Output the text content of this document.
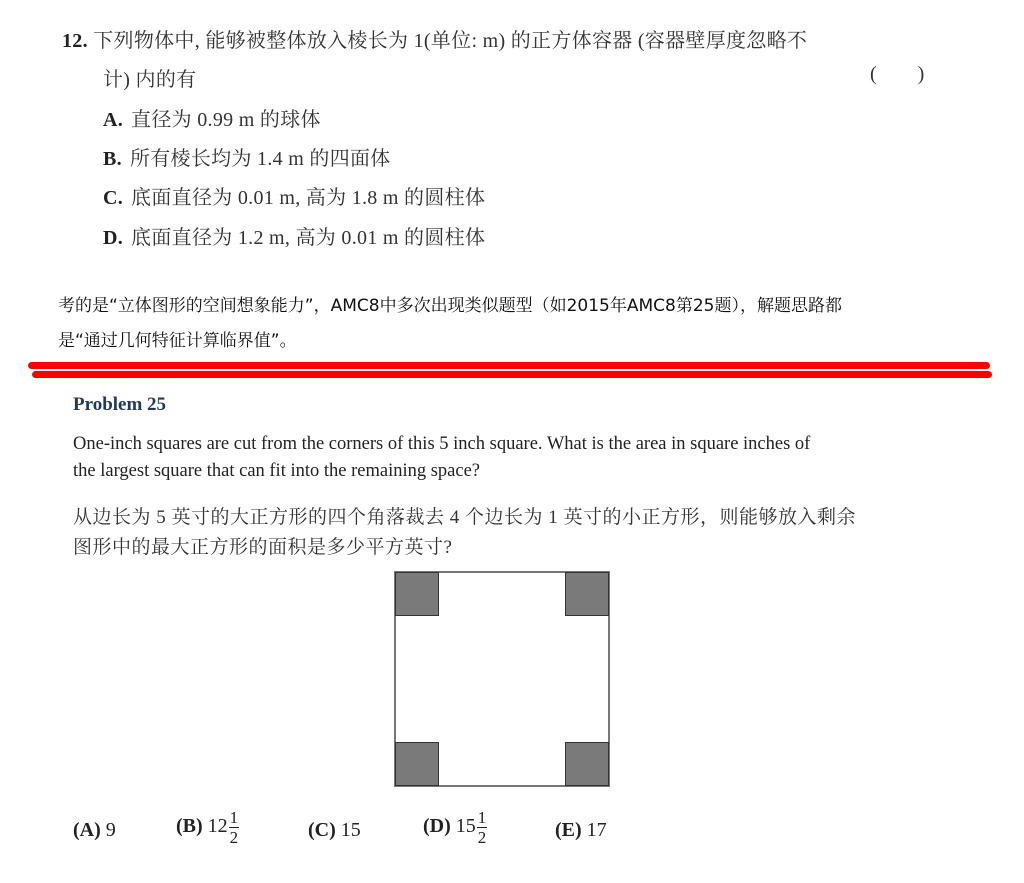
12. 下列物体中, 能够被整体放入棱长为 1(单位: m) 的正方体容器 (容器壁厚度忽略不
计) 内的有	( )
A. 直径为 0.99 m 的球体
B. 所有棱长均为 1.4 m 的四面体
C. 底面直径为 0.01 m, 高为 1.8 m 的圆柱体
D. 底面直径为 1.2 m, 高为 0.01 m 的圆柱体
考的是“立体图形的空间想象能力”，AMC8中多次出现类似题型（如2015年AMC8第25题），解题思路都
是“通过几何特征计算临界值”。
Problem 25
One-inch squares are cut from the corners of this 5 inch square. What is the area in square inches of
the largest square that can fit into the remaining space?
从边长为 5 英寸的大正方形的四个角落裁去 4 个边长为 1 英寸的小正方形，则能够放入剩余
图形中的最大正方形的面积是多少平方英寸?
(A) 9	(B) $12 \frac{1}{2}$	(C) 15	(D) $15 \frac{1}{2}$	(E) 17
